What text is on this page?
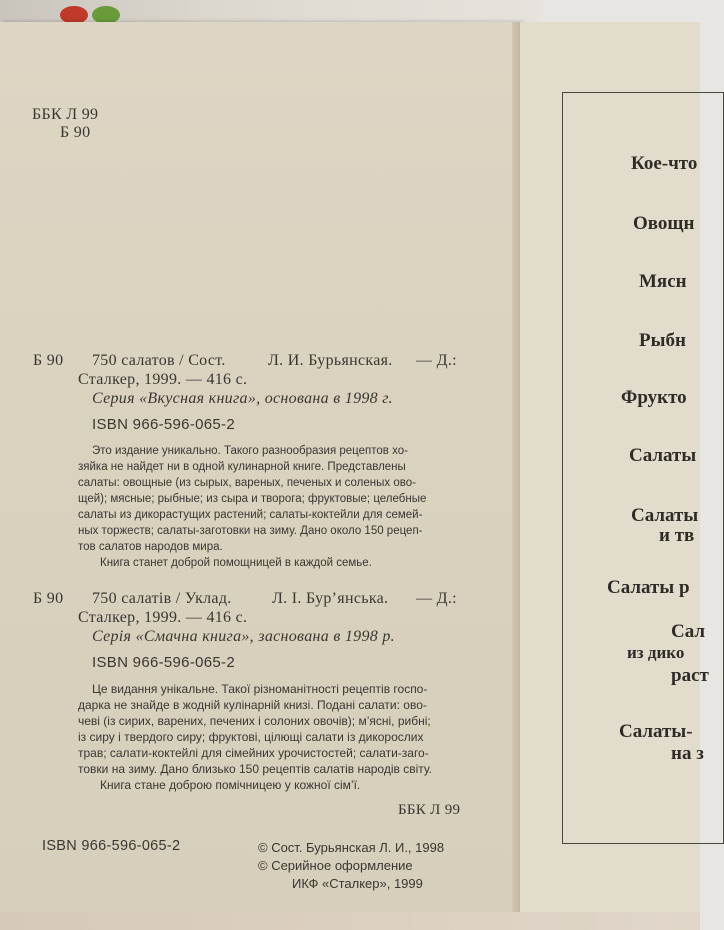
ББК Л 99
Б 90
Б 90 750 салатов / Сост.	Л. И. Бурьянская. — Д.:
Сталкер, 1999. — 416 с.
Серия «Вкусная книга», основана в 1998 г.
ISBN 966-596-065-2
Это издание уникально. Такого разнообразия рецептов хо-
зяйка не найдет ни в одной кулинарной книге. Представлены
салаты: овощные (из сырых, вареных, печеных и соленых ово-
щей); мясные; рыбные; из сыра и творога; фруктовые; целебные
салаты из дикорастущих растений; салаты-коктейли для семей-
ных торжеств; салаты-заготовки на зиму. Дано около 150 рецеп-
тов салатов народов мира.
Книга станет доброй помощницей в каждой семье.
Б 90 750 салатів / Уклад.	Л. І. Бур’янська. — Д.:
Сталкер, 1999. — 416 с.
Серія «Смачна книга», заснована в 1998 р.
ISBN 966-596-065-2
Це видання унікальне. Такої різноманітності рецептів госпо-
дарка не знайде в жодній кулінарній книзі. Подані салати: ово-
чеві (із сирих, варених, печених і солоних овочів); м’ясні, рибні;
із сиру і твердого сиру; фруктові, цілющі салати із дикорослих
трав; салати-коктейлі для сімейних урочистостей; салати-заго-
товки на зиму. Дано близько 150 рецептів салатів народів світу.
Книга стане доброю помічницею у кожної сім’ї.
ББК Л 99
ISBN 966-596-065-2	© Сост. Бурьянская Л. И., 1998
© Серийное оформление
ИКФ «Сталкер», 1999
Кое-что
Овощн
Мясн
Рыбн
Фрукто
Салаты
Салаты
и тв
Салаты р
Сал
из дико
раст
Салаты-
на з
